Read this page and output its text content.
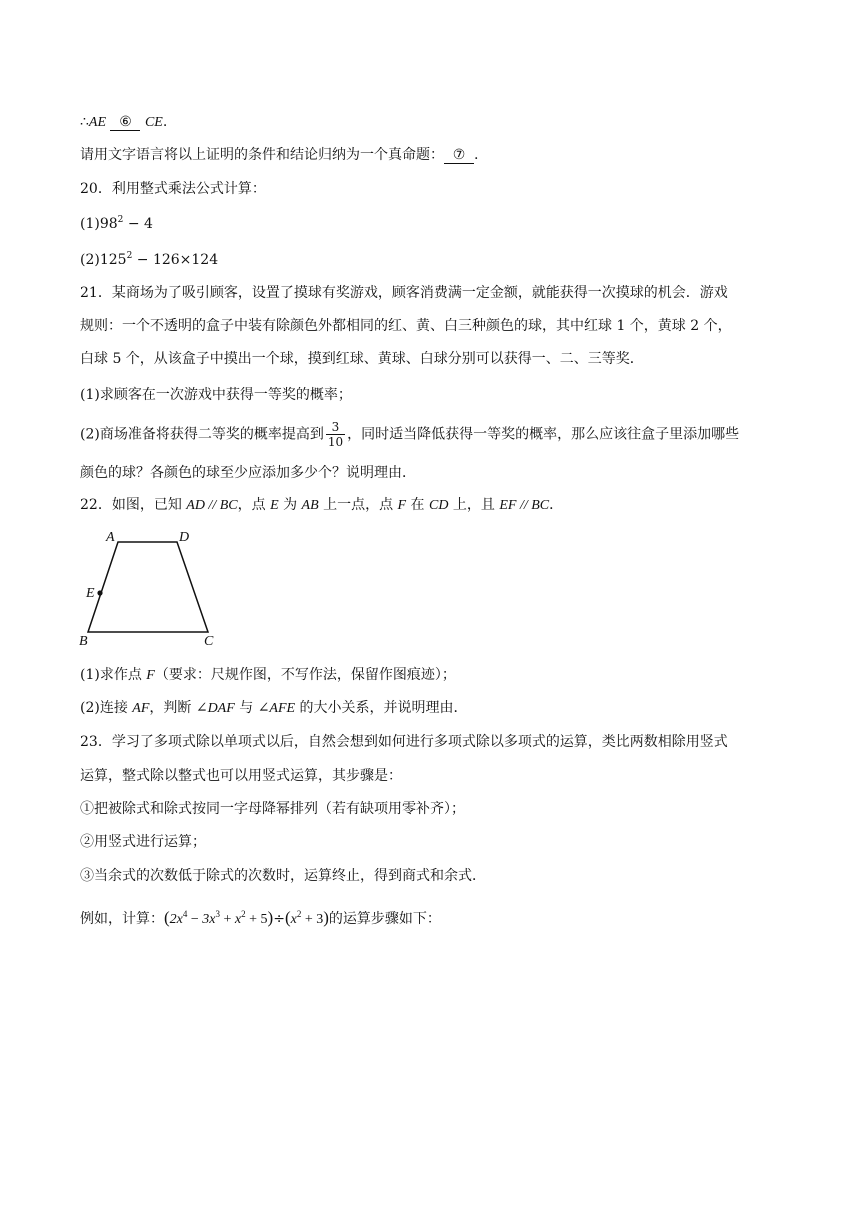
∴AE ⑥ CE.
请用文字语言将以上证明的条件和结论归纳为一个真命题： ⑦ .
20．利用整式乘法公式计算：
$(1)98^2 - 4$
$(2)125^2 - 126\times 124$
21．某商场为了吸引顾客，设置了摸球有奖游戏，顾客消费满一定金额，就能获得一次摸球的机会．游戏
规则：一个不透明的盒子中装有除颜色外都相同的红、黄、白三种颜色的球，其中红球 1 个，黄球 2 个，
白球 5 个，从该盒子中摸出一个球，摸到红球、黄球、白球分别可以获得一、二、三等奖．
(1)求顾客在一次游戏中获得一等奖的概率；
(2)商场准备将获得二等奖的概率提高到 $\frac{3}{10}$ ，同时适当降低获得一等奖的概率，那么应该往盒子里添加哪些
颜色的球？各颜色的球至少应添加多少个？说明理由．
22．如图，已知 AD // BC，点 E 为 AB 上一点，点 F 在 CD 上，且 EF // BC．
A	D
E
B	C
(1)求作点 F（要求：尺规作图，不写作法，保留作图痕迹）；
(2)连接 AF，判断 ∠DAF 与 ∠AFE 的大小关系，并说明理由．
23．学习了多项式除以单项式以后，自然会想到如何进行多项式除以多项式的运算，类比两数相除用竖式
运算，整式除以整式也可以用竖式运算，其步骤是：
①把被除式和除式按同一字母降幂排列（若有缺项用零补齐）；
②用竖式进行运算；
③当余式的次数低于除式的次数时，运算终止，得到商式和余式．
例如，计算：$(2x^4 - 3x^3 + x^2 + 5)\div(x^2 + 3)$的运算步骤如下：
